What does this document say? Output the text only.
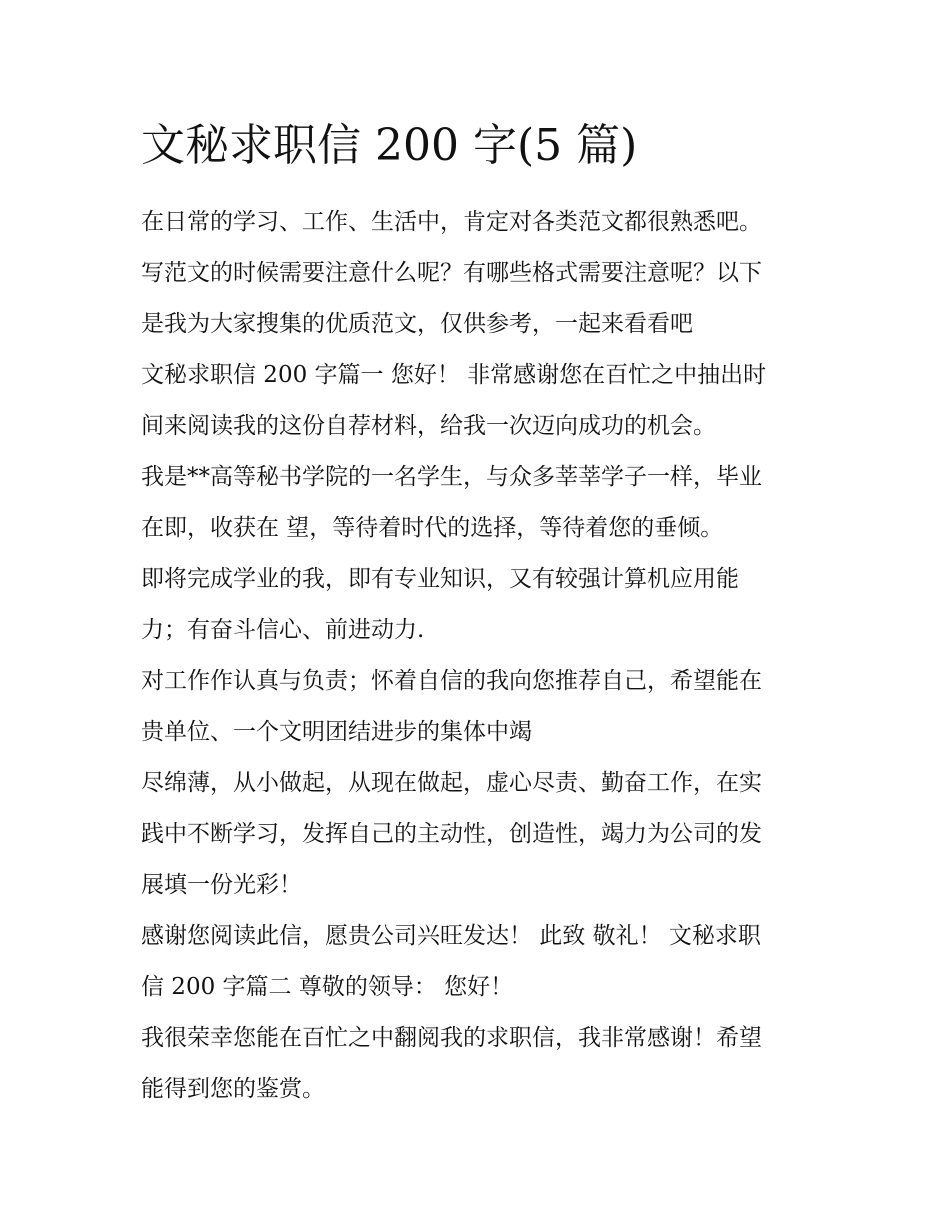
文秘求职信 200 字(5 篇)
在日常的学习、工作、生活中，肯定对各类范文都很熟悉吧。
写范文的时候需要注意什么呢？有哪些格式需要注意呢？以下
是我为大家搜集的优质范文，仅供参考，一起来看看吧
文秘求职信 200 字篇一 您好！ 非常感谢您在百忙之中抽出时
间来阅读我的这份自荐材料，给我一次迈向成功的机会。
我是**高等秘书学院的一名学生，与众多莘莘学子一样，毕业
在即，收获在 望，等待着时代的选择，等待着您的垂倾。
即将完成学业的我，即有专业知识，又有较强计算机应用能
力；有奋斗信心、前进动力.
对工作作认真与负责；怀着自信的我向您推荐自己，希望能在
贵单位、一个文明团结进步的集体中竭
尽绵薄，从小做起，从现在做起，虚心尽责、勤奋工作，在实
践中不断学习，发挥自己的主动性，创造性，竭力为公司的发
展填一份光彩！
感谢您阅读此信，愿贵公司兴旺发达！ 此致 敬礼！ 文秘求职
信 200 字篇二 尊敬的领导： 您好！
我很荣幸您能在百忙之中翻阅我的求职信，我非常感谢！希望
能得到您的鉴赏。
